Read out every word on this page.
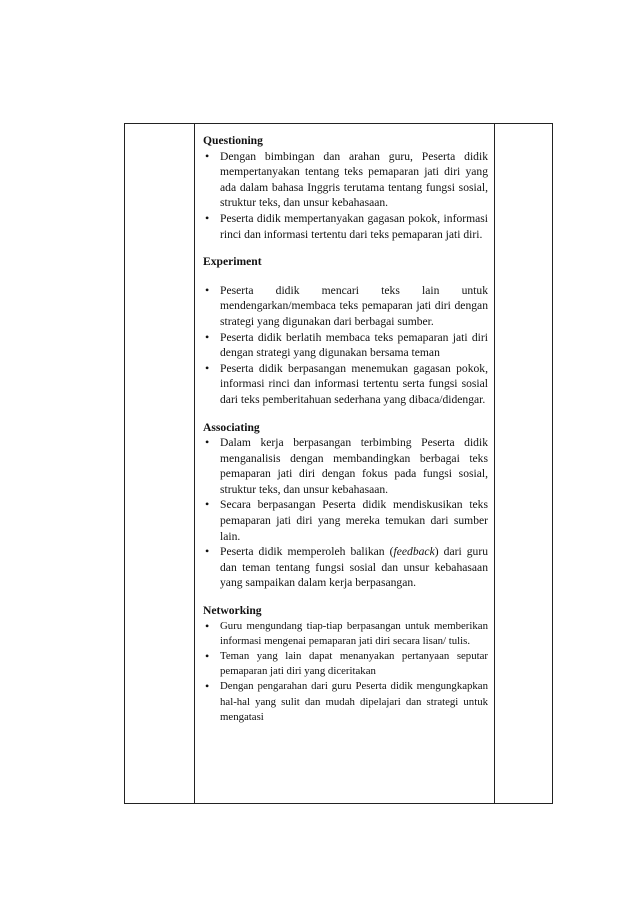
Questioning

• Dengan bimbingan dan arahan guru, Peserta didik mempertanyakan tentang teks pemaparan jati diri yang ada dalam bahasa Inggris terutama tentang fungsi sosial, struktur teks, dan unsur kebahasaan.
• Peserta didik mempertanyakan gagasan pokok, informasi rinci dan informasi tertentu dari teks pemaparan jati diri.

Experiment

• Peserta didik mencari teks lain untuk mendengarkan/membaca teks pemaparan jati diri dengan strategi yang digunakan dari berbagai sumber.
• Peserta didik berlatih membaca teks pemaparan jati diri dengan strategi yang digunakan bersama teman
• Peserta didik berpasangan menemukan gagasan pokok, informasi rinci dan informasi tertentu serta fungsi sosial dari teks pemberitahuan sederhana yang dibaca/didengar.

Associating

• Dalam kerja berpasangan terbimbing Peserta didik menganalisis dengan membandingkan berbagai teks pemaparan jati diri dengan fokus pada fungsi sosial, struktur teks, dan unsur kebahasaan.
• Secara berpasangan Peserta didik mendiskusikan teks pemaparan jati diri yang mereka temukan dari sumber lain.
• Peserta didik memperoleh balikan (feedback) dari guru dan teman tentang fungsi sosial dan unsur kebahasaan yang sampaikan dalam kerja berpasangan.

Networking

• Guru mengundang tiap-tiap berpasangan untuk memberikan informasi mengenai pemaparan jati diri secara lisan/ tulis.
• Teman yang lain dapat menanyakan pertanyaan seputar pemaparan jati diri yang diceritakan
• Dengan pengarahan dari guru Peserta didik mengungkapkan hal-hal yang sulit dan mudah dipelajari dan strategi untuk mengatasi
